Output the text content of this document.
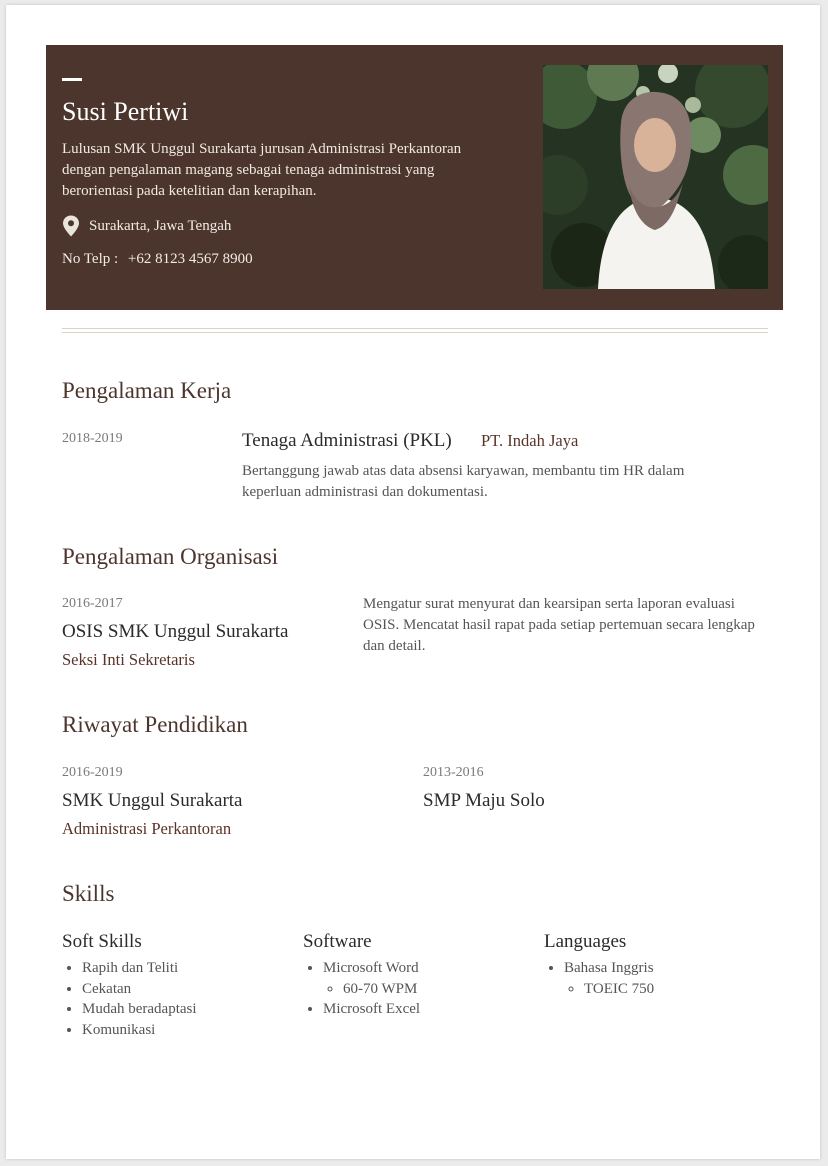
Susi Pertiwi

Lulusan SMK Unggul Surakarta jurusan Administrasi Perkantoran dengan pengalaman magang sebagai tenaga administrasi yang berorientasi pada ketelitian dan kerapihan.

Surakarta, Jawa Tengah
No Telp : +62 8123 4567 8900
Pengalaman Kerja
2018-2019	Tenaga Administrasi (PKL) PT. Indah Jaya

Bertanggung jawab atas data absensi karyawan, membantu tim HR dalam keperluan administrasi dan dokumentasi.

Pengalaman Organisasi
2016-2017
OSIS SMK Unggul Surakarta
Seksi Inti Sekretaris

Mengatur surat menyurat dan kearsipan serta laporan evaluasi OSIS. Mencatat hasil rapat pada setiap pertemuan secara lengkap dan detail.

Riwayat Pendidikan
2016-2019
SMK Unggul Surakarta
Administrasi Perkantoran
2013-2016
SMP Maju Solo
Skills
Soft Skills
• Rapih dan Teliti
• Cekatan
• Mudah beradaptasi
• Komunikasi
Software
• Microsoft Word
◦ 60-70 WPM
• Microsoft Excel
Languages
• Bahasa Inggris
◦ TOEIC 750
